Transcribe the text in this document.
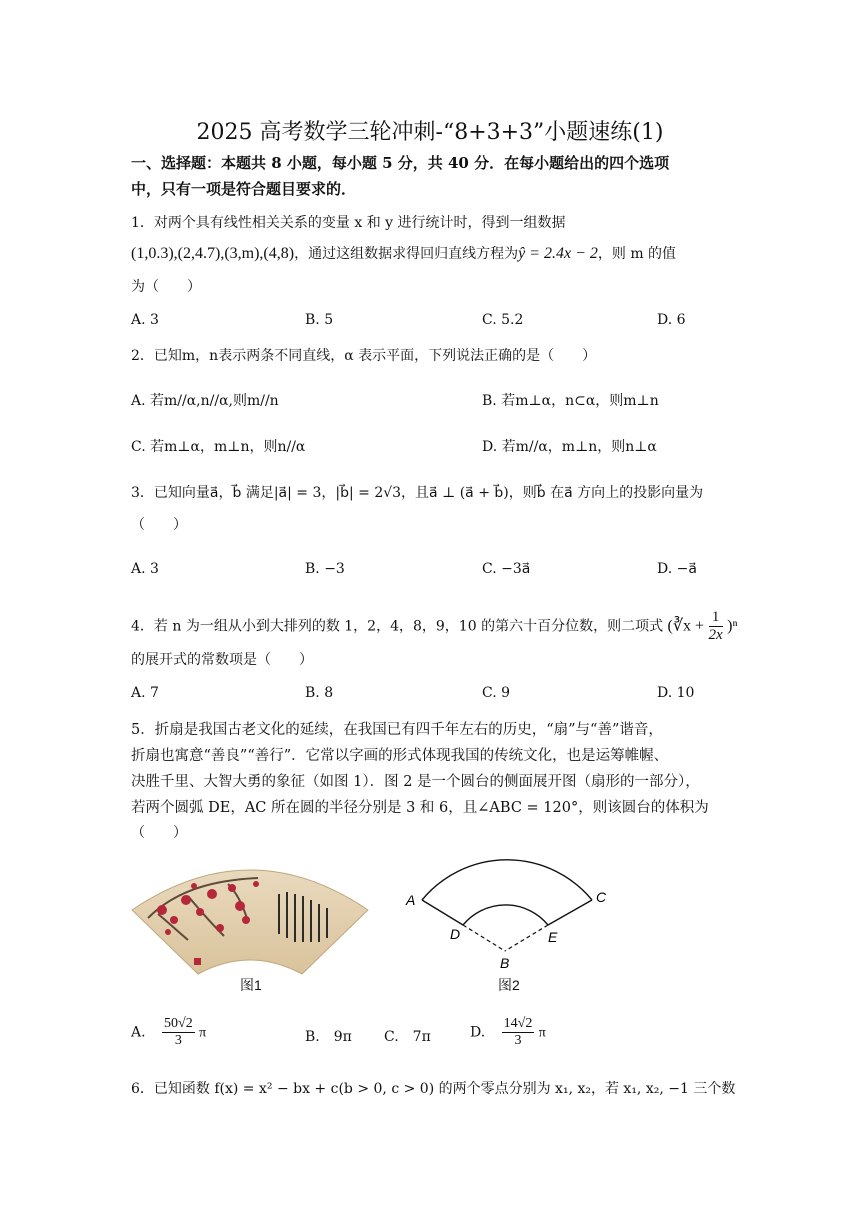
2025 高考数学三轮冲刺-“8+3+3”小题速练(1)
一、选择题：本题共 8 小题，每小题 5 分，共 40 分．在每小题给出的四个选项
中，只有一项是符合题目要求的．
1．对两个具有线性相关关系的变量 x 和 y 进行统计时，得到一组数据
(1,0.3),(2,4.7),(3,m),(4,8)，通过这组数据求得回归直线方程为ŷ = 2.4x − 2，则 m 的值
为（　　）
A. 3	B. 5	C. 5.2	D. 6
2．已知m，n表示两条不同直线，α 表示平面，下列说法正确的是（　　）
A. 若m//α,n//α,则m//n	B. 若m⊥α，n⊂α，则m⊥n
C. 若m⊥α，m⊥n，则n//α	D. 若m//α，m⊥n，则n⊥α
3．已知向量a⃗，b⃗ 满足|a⃗| = 3，|b⃗| = 2√3，且a⃗ ⊥ (a⃗ + b⃗)，则b⃗ 在a⃗ 方向上的投影向量为
（　　）
A. 3	B. −3	C. −3a⃗	D. −a⃗
4．若 n 为一组从小到大排列的数 1，2，4，8，9，10 的第六十百分位数，则二项式 (∛x + $\frac{1}{2x} )^n$
的展开式的常数项是（　　）
A. 7	B. 8	C. 9	D. 10
5．折扇是我国古老文化的延续，在我国已有四千年左右的历史，“扇”与“善”谐音，
折扇也寓意“善良”“善行”．它常以字画的形式体现我国的传统文化，也是运筹帷幄、
决胜千里、大智大勇的象征（如图 1）．图 2 是一个圆台的侧面展开图（扇形的一部分），
若两个圆弧 DE，AC 所在圆的半径分别是 3 和 6，且∠ABC = 120°，则该圆台的体积为
（　　）
图1
A	C
D	E
B
图2
A. $\frac{50√2}{3}$ π	B.　9π C.　7π	D. $\frac{14√2}{3}$ π
6．已知函数 f(x) = x² − bx + c(b > 0, c > 0) 的两个零点分别为 x₁, x₂，若 x₁, x₂, −1 三个数
